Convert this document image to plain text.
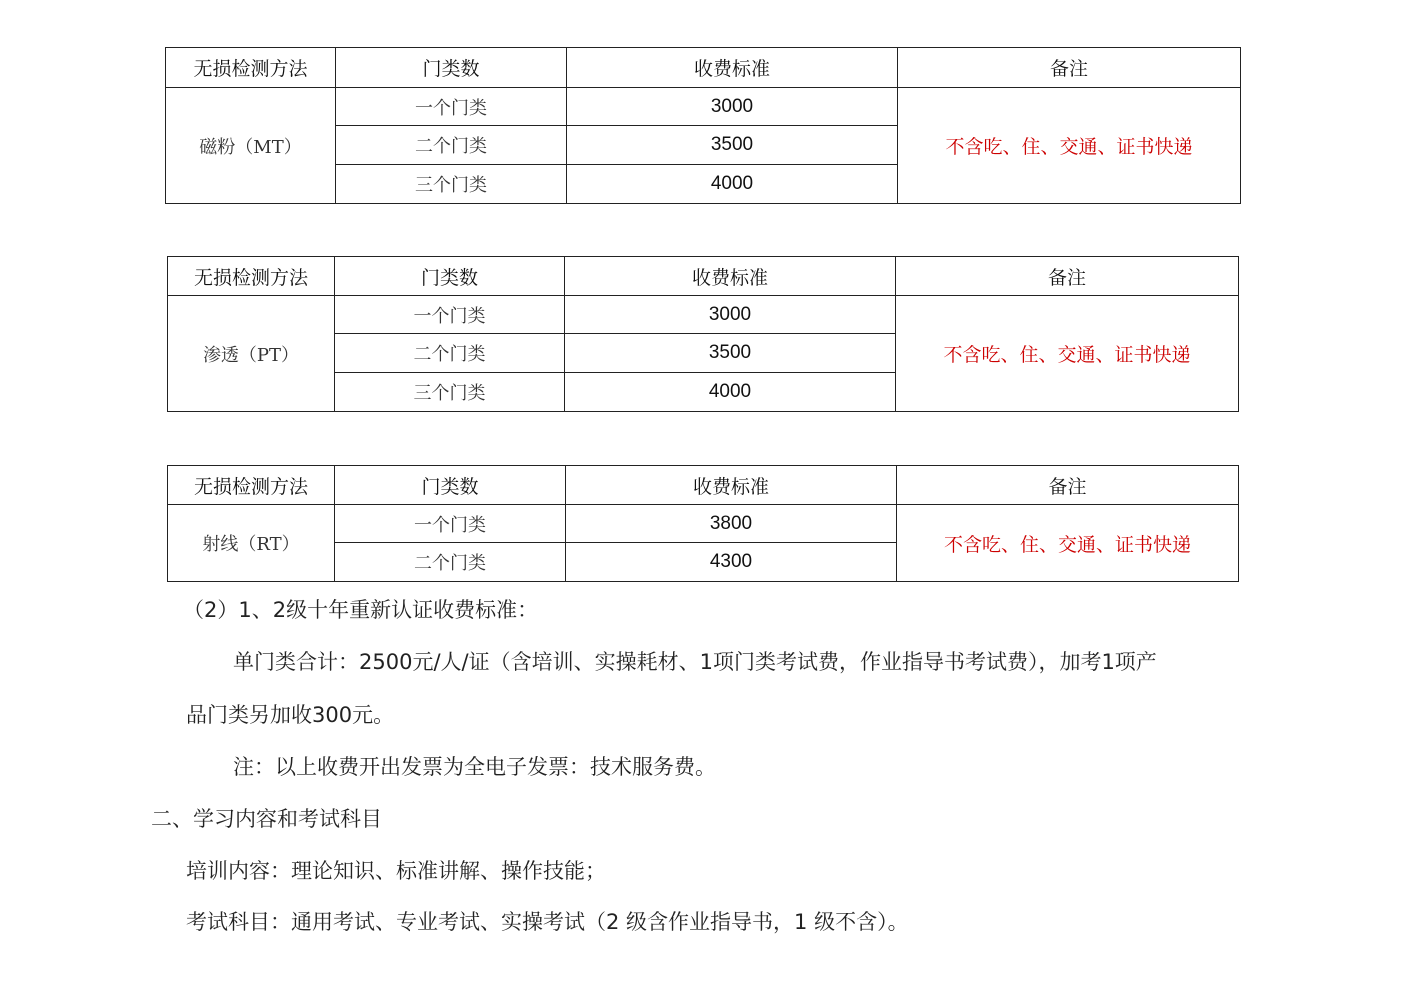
无损检测方法	门类数	收费标准	备注
磁粉（MT）	一个门类	3000	不含吃、住、交通、证书快递
	二个门类	3500	
	三个门类	4000	
无损检测方法	门类数	收费标准	备注
渗透（PT）	一个门类	3000	不含吃、住、交通、证书快递
	二个门类	3500	
	三个门类	4000	
无损检测方法	门类数	收费标准	备注
射线（RT）	一个门类	3800	不含吃、住、交通、证书快递
	二个门类	4300	
（2）1、2级十年重新认证收费标准：
单门类合计：2500元/人/证（含培训、实操耗材、1项门类考试费，作业指导书考试费），加考1项产
品门类另加收300元。
注：以上收费开出发票为全电子发票：技术服务费。
二、学习内容和考试科目
培训内容：理论知识、标准讲解、操作技能；
考试科目：通用考试、专业考试、实操考试（2 级含作业指导书，1 级不含）。
